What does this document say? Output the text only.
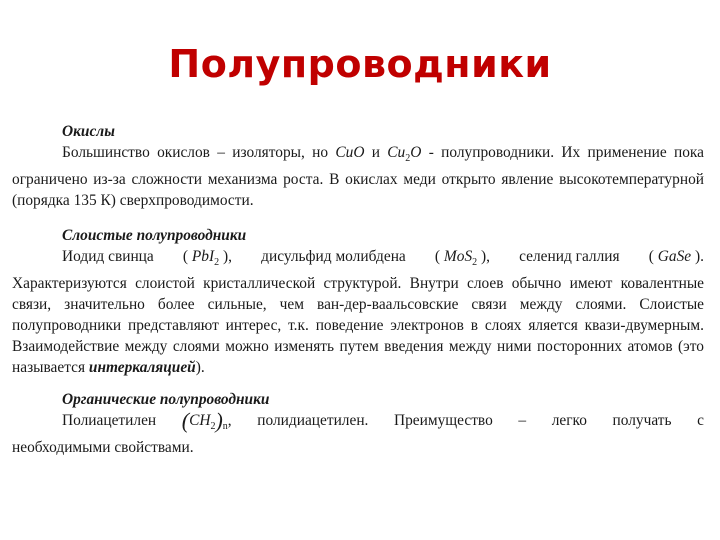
Полупроводники
Окислы

Большинство окислов – изоляторы, но CuO и $Cu_2O$ - полупроводники. Их применение пока ограничено из-за сложности механизма роста. В окислах меди открыто явление высокотемпературной (порядка 135 К) сверхпроводимости.

Слоистые полупроводники
Иодид свинца ( PbI$_2$ ), дисульфид молибдена ( MoS$_2$ ), селенид галлия ( GaSe ).

Характеризуются слоистой кристаллической структурой. Внутри слоев обычно имеют ковалентные связи, значительно более сильные, чем ван-дер-ваальсовские связи между слоями. Слоистые полупроводники представляют интерес, т.к. поведение электронов в слоях яляется квази-двумерным. Взаимодействие между слоями можно изменять путем введения между ними посторонних атомов (это называется интеркаляцией).

Органические полупроводники
Полиацетилен $(CH_2)_n$, полидиацетилен. Преимущество – легко получать с
необходимыми свойствами.
